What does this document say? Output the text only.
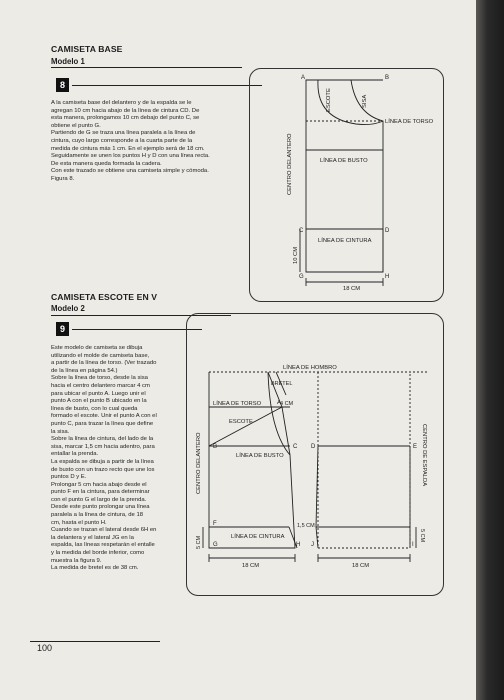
CAMISETA BASE
Modelo 1
8
A la camiseta base del delantero y de la espalda se le
agregan 10 cm hacia abajo de la línea de cintura CD. De
esta manera, prolongamos 10 cm debajo del punto C, se
obtiene el punto G.
Partiendo de G se traza una línea paralela a la línea de
cintura, cuyo largo corresponde a la cuarta parte de la
medida de cintura más 1 cm. En el ejemplo será de 18 cm.
Seguidamente se unen los puntos H y D con una línea recta.
De esta manera queda formada la cadera.
Con este trazado se obtiene una camiseta simple y cómoda.
Figura 8.
CAMISETA ESCOTE EN V
Modelo 2
9
Este modelo de camiseta se dibuja
utilizando el molde de camiseta base,
a partir de la línea de torso. (Ver trazado
de la línea en página 54.)
Sobre la línea de torso, desde la sisa
hacia el centro delantero marcar 4 cm
para ubicar el punto A. Luego unir el
punto A con el punto B ubicado en la
línea de busto, con lo cual queda
formado el escote. Unir el punto A con el
punto C, para trazar la línea que define
la sisa.
Sobre la línea de cintura, del lado de la
sisa, marcar 1,5 cm hacia adentro, para
entallar la prenda.
La espalda se dibuja a partir de la línea
de busto con un trazo recto que une los
puntos D y E.
Prolongar 5 cm hacia abajo desde el
punto F en la cintura, para determinar
con el punto G el largo de la prenda.
Desde este punto prolongar una línea
paralela a la línea de cintura, de 18
cm, hasta el punto H.
Cuando se trazan el lateral desde 6H en
la delantera y el lateral JG en la
espalda, las líneas respetarán el entalle
y la medida del borde inferior, como
muestra la figura 9.
La medida de bretel es de 38 cm.
100
A	B
C	D
G	H
LÍNEA DE TORSO
LÍNEA DE BUSTO
LÍNEA DE CINTURA
18 CM
ESCOTE	SISA
CENTRO DELANTERO
10 CM
LÍNEA DE HOMBRO
BRETEL
LÍNEA DE TORSO	4 CM
ESCOTE
A
B	C D	E
LÍNEA DE BUSTO
LÍNEA DE CINTURA
F	1,5 CM
G	H J	I
18 CM	18 CM
CENTRO DELANTERO	CENTRO DE ESPALDA
5 CM
5 CM
